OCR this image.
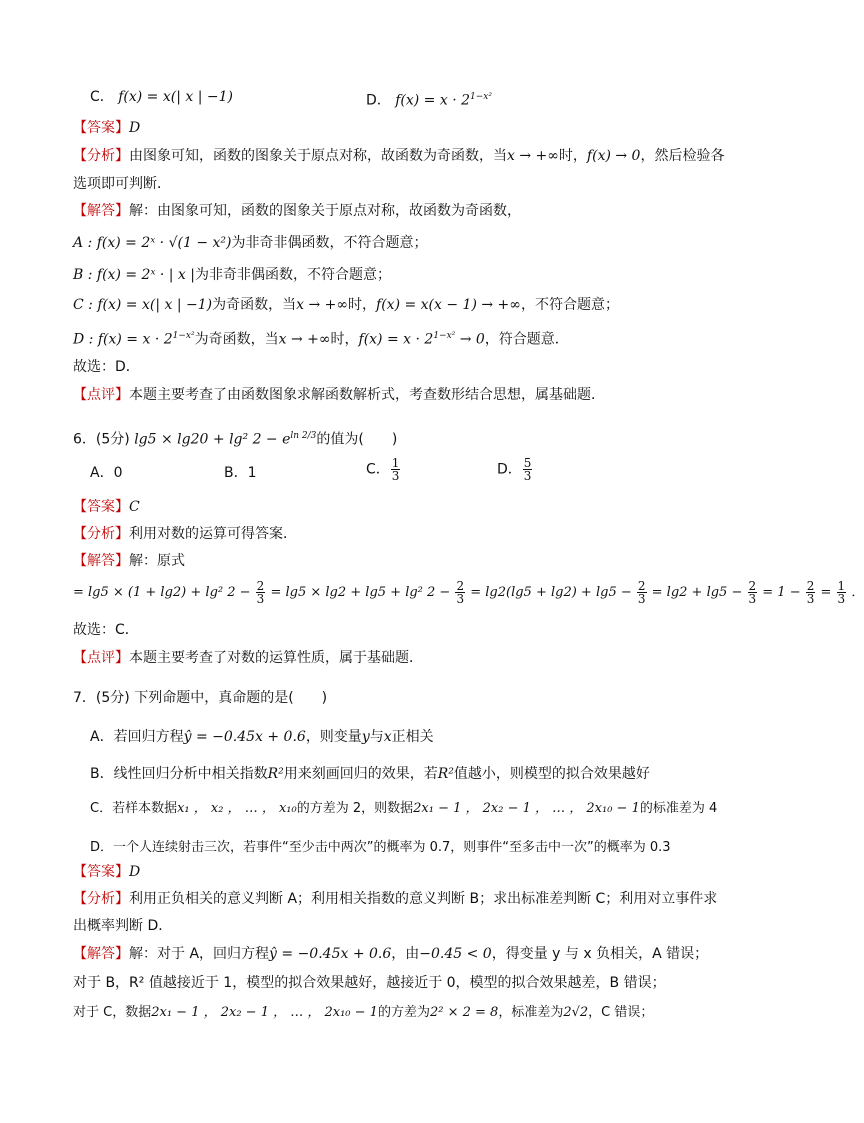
C． f(x) = x(| x | −1)	D． $f(x) = x \cdot 2^{1-x^2}$
【答案】D
【分析】由图象可知，函数的图象关于原点对称，故函数为奇函数，当x → +∞时，f(x) → 0，然后检验各
选项即可判断．
【解答】解：由图象可知，函数的图象关于原点对称，故函数为奇函数，
A : f(x) = 2ˣ · √(1 − x²)为非奇非偶函数，不符合题意；
B : f(x) = 2ˣ · | x |为非奇非偶函数，不符合题意；
C : f(x) = x(| x | −1)为奇函数，当x → +∞时，f(x) = x(x − 1) → +∞，不符合题意；
D : $f(x) = x \cdot 2^{1-x^2}$为奇函数，当x → +∞时，$f(x) = x \cdot 2^{1-x^2} \to 0$，符合题意．
故选：D．
【点评】本题主要考查了由函数图象求解函数解析式，考查数形结合思想，属基础题．
6．(5分) lg5 × lg20 + lg² $2 - e^{ln 2/3}$的值为(　　)
A．0	B．1	C． $\frac{1}{3}$	D． $\frac{5}{3}$
【答案】C
【分析】利用对数的运算可得答案．
【解答】解：原式
= lg5 × (1 + lg2) + lg² $2 - \frac{2}{3} = \lg 5 \times \lg 2 + \lg 5 + \lg^2$ $2 - \frac{2}{3} = \lg 2(\lg 5 + \lg 2) + \lg 5 - \frac{2}{3} = \lg 2 + \lg 5 - \frac{2}{3} = 1 - \frac{2}{3} = \frac{1}{3}$ ．
故选：C．
【点评】本题主要考查了对数的运算性质，属于基础题．
7．(5分) 下列命题中，真命题的是(　　)
A．若回归方程ŷ = −0.45x + 0.6，则变量y与x正相关
B．线性回归分析中相关指数R²用来刻画回归的效果，若R²值越小，则模型的拟合效果越好
C．若样本数据x₁ ， x₂ ， … ， x₁₀的方差为 2，则数据2x₁ − 1 ， 2x₂ − 1 ， … ， 2x₁₀ − 1的标准差为 4
D．一个人连续射击三次，若事件“至少击中两次”的概率为 0.7，则事件“至多击中一次”的概率为 0.3
【答案】D
【分析】利用正负相关的意义判断 A；利用相关指数的意义判断 B；求出标准差判断 C；利用对立事件求
出概率判断 D．
【解答】解：对于 A，回归方程ŷ = −0.45x + 0.6，由−0.45 < 0，得变量 y 与 x 负相关，A 错误；
对于 B，R² 值越接近于 1，模型的拟合效果越好，越接近于 0，模型的拟合效果越差，B 错误；
对于 C，数据2x₁ − 1 ， 2x₂ − 1 ， … ， 2x₁₀ − 1的方差为2² × 2 = 8，标准差为2√2，C 错误；
